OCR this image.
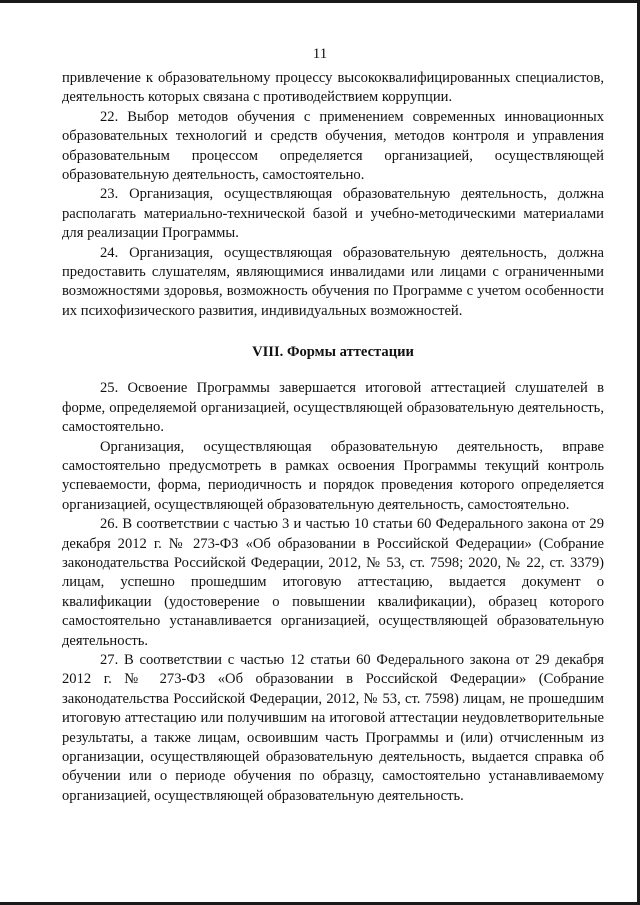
11

привлечение к образовательному процессу высококвалифицированных специалистов, деятельность которых связана с противодействием коррупции.

22. Выбор методов обучения с применением современных инновационных образовательных технологий и средств обучения, методов контроля и управления образовательным процессом определяется организацией, осуществляющей образовательную деятельность, самостоятельно.

23. Организация, осуществляющая образовательную деятельность, должна располагать материально-технической базой и учебно-методическими материалами для реализации Программы.

24. Организация, осуществляющая образовательную деятельность, должна предоставить слушателям, являющимися инвалидами или лицами с ограниченными возможностями здоровья, возможность обучения по Программе с учетом особенности их психофизического развития, индивидуальных возможностей.

VIII. Формы аттестации

25. Освоение Программы завершается итоговой аттестацией слушателей в форме, определяемой организацией, осуществляющей образовательную деятельность, самостоятельно.

Организация, осуществляющая образовательную деятельность, вправе самостоятельно предусмотреть в рамках освоения Программы текущий контроль успеваемости, форма, периодичность и порядок проведения которого определяется организацией, осуществляющей образовательную деятельность, самостоятельно.

26. В соответствии с частью 3 и частью 10 статьи 60 Федерального закона от 29 декабря 2012 г. № 273-ФЗ «Об образовании в Российской Федерации» (Собрание законодательства Российской Федерации, 2012, № 53, ст. 7598; 2020, № 22, ст. 3379) лицам, успешно прошедшим итоговую аттестацию, выдается документ о квалификации (удостоверение о повышении квалификации), образец которого самостоятельно устанавливается организацией, осуществляющей образовательную деятельность.

27. В соответствии с частью 12 статьи 60 Федерального закона от 29 декабря 2012 г. № 273-ФЗ «Об образовании в Российской Федерации» (Собрание законодательства Российской Федерации, 2012, № 53, ст. 7598) лицам, не прошедшим итоговую аттестацию или получившим на итоговой аттестации неудовлетворительные результаты, а также лицам, освоившим часть Программы и (или) отчисленным из организации, осуществляющей образовательную деятельность, выдается справка об обучении или о периоде обучения по образцу, самостоятельно устанавливаемому организацией, осуществляющей образовательную деятельность.
